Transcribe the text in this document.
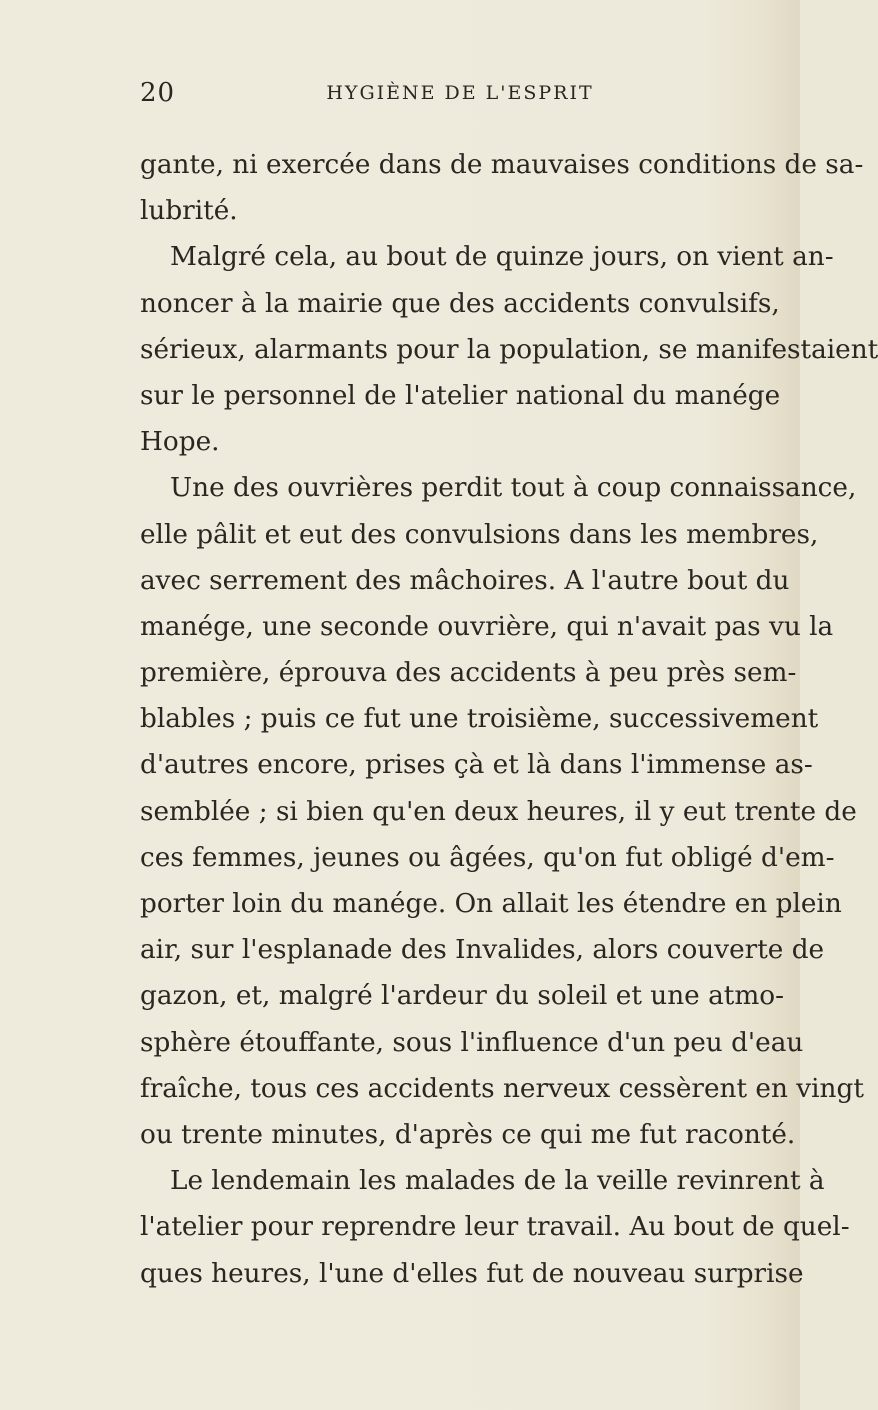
20	HYGIÈNE DE L'ESPRIT
gante, ni exercée dans de mauvaises conditions de sa-
lubrité.
Malgré cela, au bout de quinze jours, on vient an-
noncer à la mairie que des accidents convulsifs,
sérieux, alarmants pour la population, se manifestaient
sur le personnel de l'atelier national du manége
Hope.
Une des ouvrières perdit tout à coup connaissance,
elle pâlit et eut des convulsions dans les membres,
avec serrement des mâchoires. A l'autre bout du
manége, une seconde ouvrière, qui n'avait pas vu la
première, éprouva des accidents à peu près sem-
blables ; puis ce fut une troisième, successivement
d'autres encore, prises çà et là dans l'immense as-
semblée ; si bien qu'en deux heures, il y eut trente de
ces femmes, jeunes ou âgées, qu'on fut obligé d'em-
porter loin du manége. On allait les étendre en plein
air, sur l'esplanade des Invalides, alors couverte de
gazon, et, malgré l'ardeur du soleil et une atmo-
sphère étouffante, sous l'influence d'un peu d'eau
fraîche, tous ces accidents nerveux cessèrent en vingt
ou trente minutes, d'après ce qui me fut raconté.
Le lendemain les malades de la veille revinrent à
l'atelier pour reprendre leur travail. Au bout de quel-
ques heures, l'une d'elles fut de nouveau surprise
